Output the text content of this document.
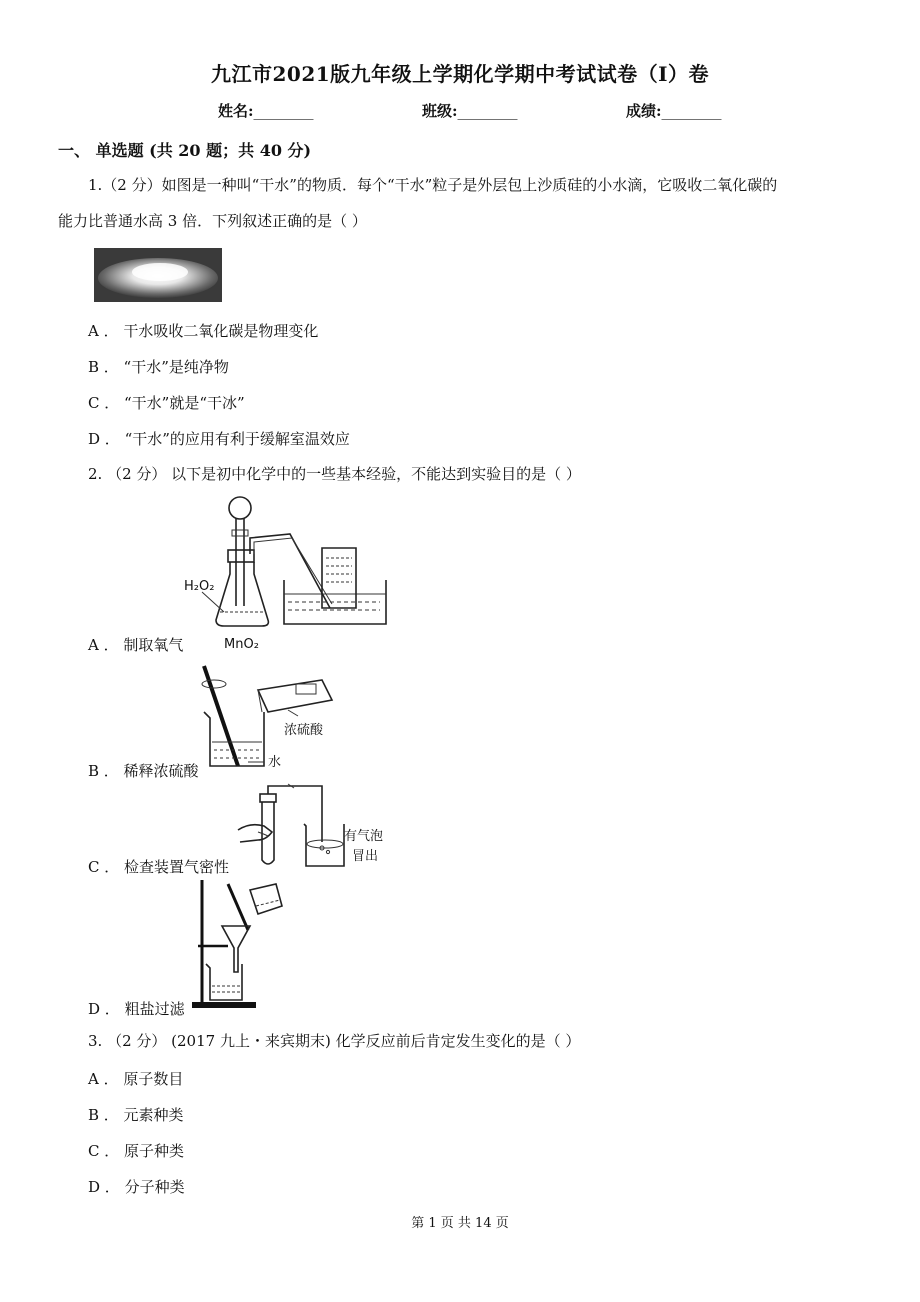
九江市2021版九年级上学期化学期中考试试卷（I）卷
姓名:________	班级:________	成绩:________
一、 单选题 (共 20 题；共 40 分)
1.（2 分）如图是一种叫“干水”的物质．每个“干水”粒子是外层包上沙质硅的小水滴，它吸收二氧化碳的
能力比普通水高 3 倍．下列叙述正确的是（ ）
A ． 干水吸收二氧化碳是物理变化
B ． “干水”是纯净物
C ． “干水”就是“干冰”
D ． “干水”的应用有利于缓解室温效应
2. （2 分） 以下是初中化学中的一些基本经验，不能达到实验目的是（ ）
H₂O₂
MnO₂
A ． 制取氧气
浓硫酸
水
B ． 稀释浓硫酸
有气泡
冒出
C ． 检查装置气密性
D ． 粗盐过滤
3. （2 分） (2017 九上・来宾期末) 化学反应前后肯定发生变化的是（ ）
A ． 原子数目
B ． 元素种类
C ． 原子种类
D ． 分子种类
第 1 页 共 14 页
